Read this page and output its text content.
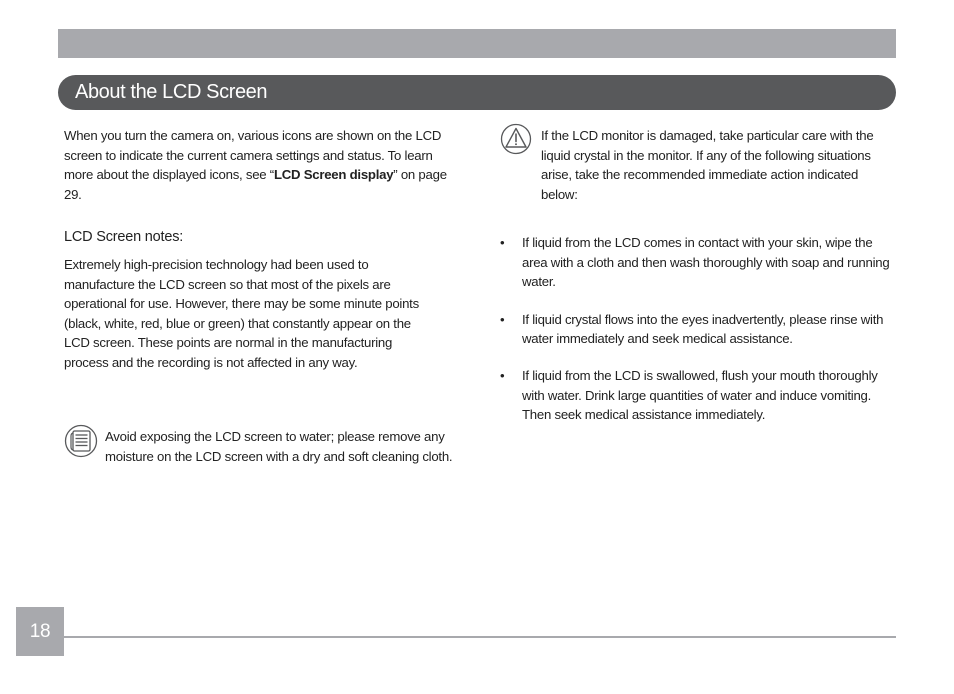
About the LCD Screen
When you turn the camera on, various icons are shown on the LCD screen to indicate the current camera settings and status. To learn more about the displayed icons, see “LCD Screen display” on page 29.
LCD Screen notes:
Extremely high-precision technology had been used to manufacture the LCD screen so that most of the pixels are operational for use. However, there may be some minute points (black, white, red, blue or green) that constantly appear on the LCD screen. These points are normal in the manufacturing process and the recording is not affected in any way.
Avoid exposing the LCD screen to water; please remove any moisture on the LCD screen with a dry and soft cleaning cloth.
If the LCD monitor is damaged, take particular care with the liquid crystal in the monitor. If any of the following situations arise, take the recommended immediate action indicated below:
• If liquid from the LCD comes in contact with your skin, wipe the area with a cloth and then wash thoroughly with soap and running water.
• If liquid crystal flows into the eyes inadvertently, please rinse with water immediately and seek medical assistance.
• If liquid from the LCD is swallowed, flush your mouth thoroughly with water. Drink large quantities of water and induce vomiting. Then seek medical assistance immediately.
18
